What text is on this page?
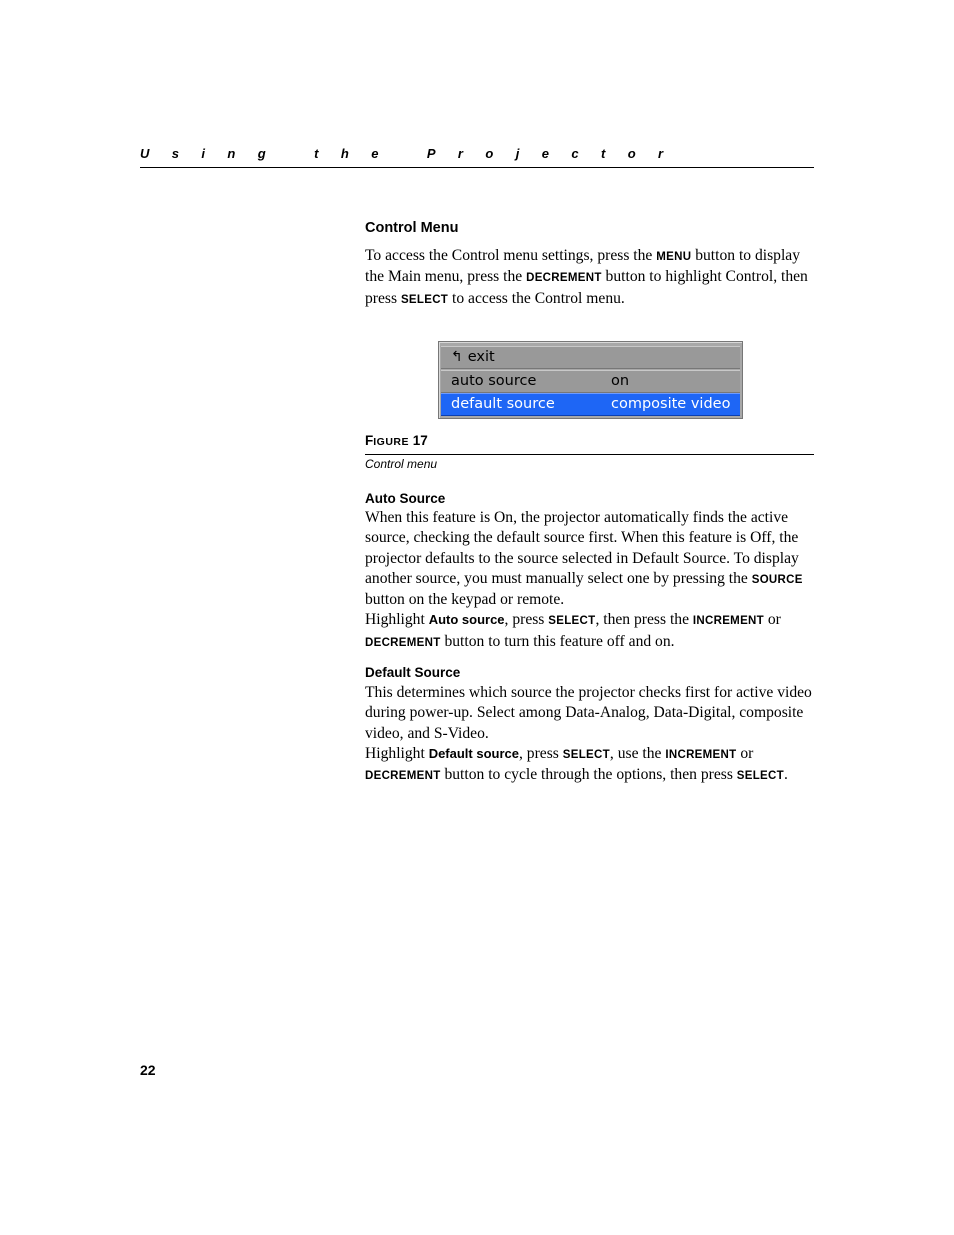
Using the Projector
Control Menu

To access the Control menu settings, press the MENU button to display the Main menu, press the DECREMENT button to highlight Control, then press SELECT to access the Control menu.

↰ exit
auto source	on
default source	composite video
FIGURE 17
Control menu
Auto Source

When this feature is On, the projector automatically finds the active source, checking the default source first. When this feature is Off, the projector defaults to the source selected in Default Source. To display another source, you must manually select one by pressing the SOURCE button on the keypad or remote.
Highlight Auto source, press SELECT, then press the INCREMENT or DECREMENT button to turn this feature off and on.

Default Source

This determines which source the projector checks first for active video during power-up. Select among Data-Analog, Data-Digital, composite video, and S-Video.
Highlight Default source, press SELECT, use the INCREMENT or DECREMENT button to cycle through the options, then press SELECT.

22
